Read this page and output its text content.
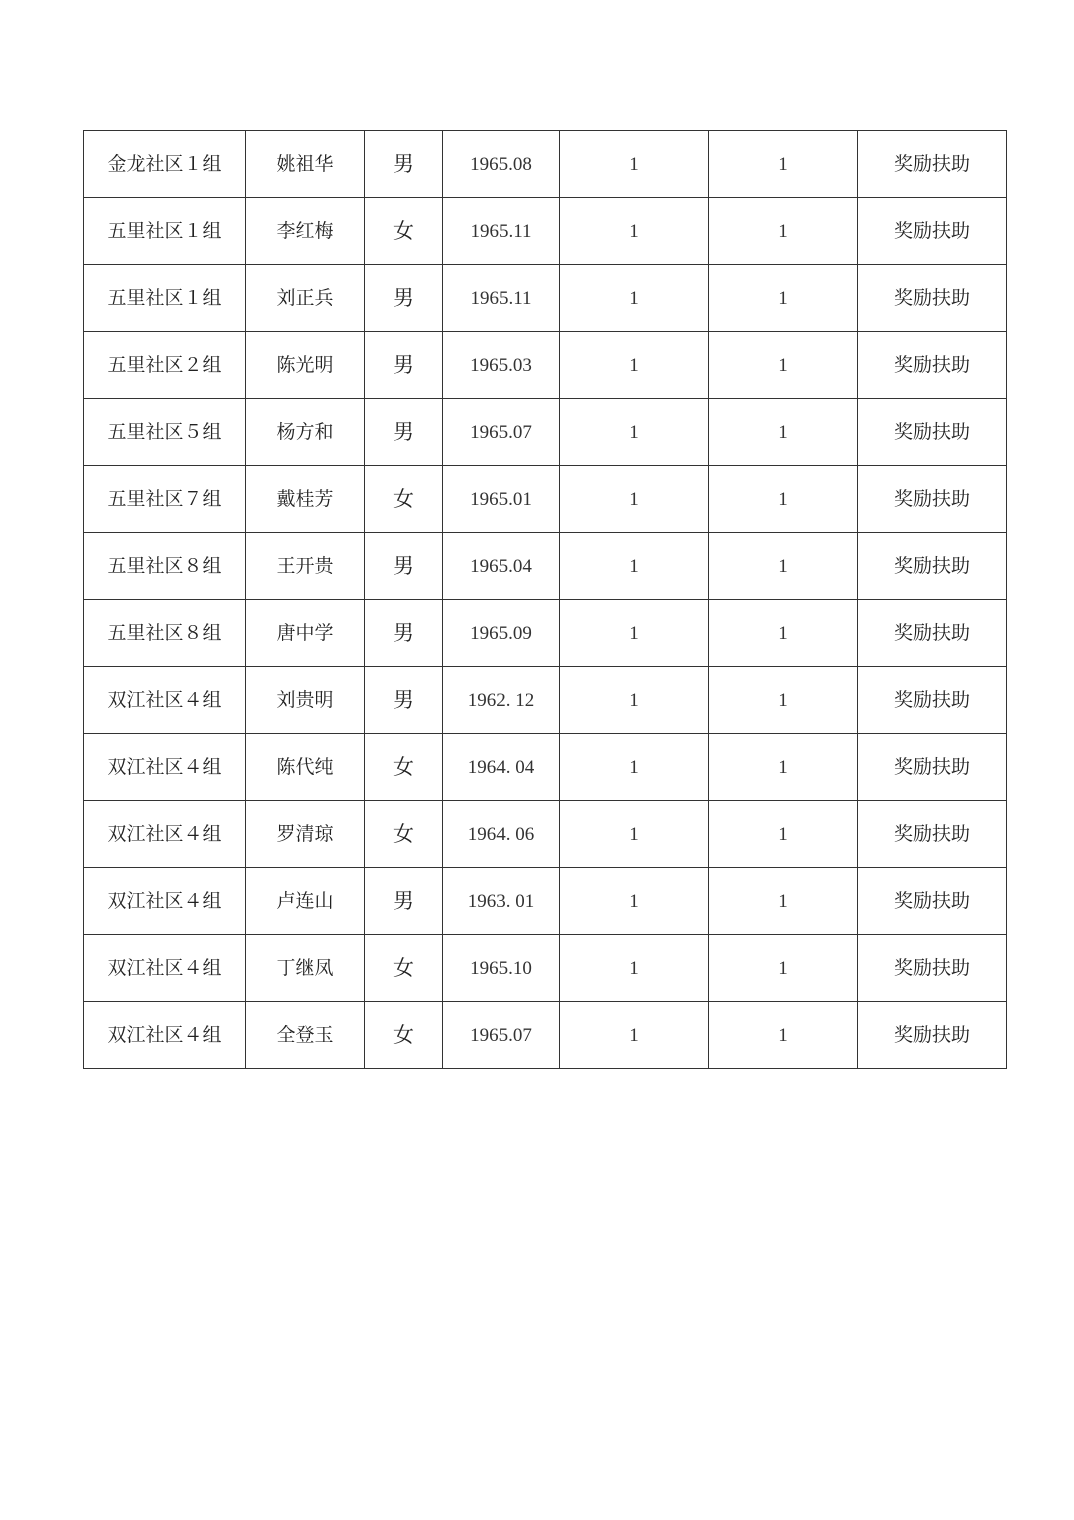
金龙社区１组	姚祖华	男	1965.08	1	1	奖励扶助
五里社区１组	李红梅	女	1965.11	1	1	奖励扶助
五里社区１组	刘正兵	男	1965.11	1	1	奖励扶助
五里社区２组	陈光明	男	1965.03	1	1	奖励扶助
五里社区５组	杨方和	男	1965.07	1	1	奖励扶助
五里社区７组	戴桂芳	女	1965.01	1	1	奖励扶助
五里社区８组	王开贵	男	1965.04	1	1	奖励扶助
五里社区８组	唐中学	男	1965.09	1	1	奖励扶助
双江社区４组	刘贵明	男	1962. 12	1	1	奖励扶助
双江社区４组	陈代纯	女	1964. 04	1	1	奖励扶助
双江社区４组	罗清琼	女	1964. 06	1	1	奖励扶助
双江社区４组	卢连山	男	1963. 01	1	1	奖励扶助
双江社区４组	丁继凤	女	1965.10	1	1	奖励扶助
双江社区４组	全登玉	女	1965.07	1	1	奖励扶助
